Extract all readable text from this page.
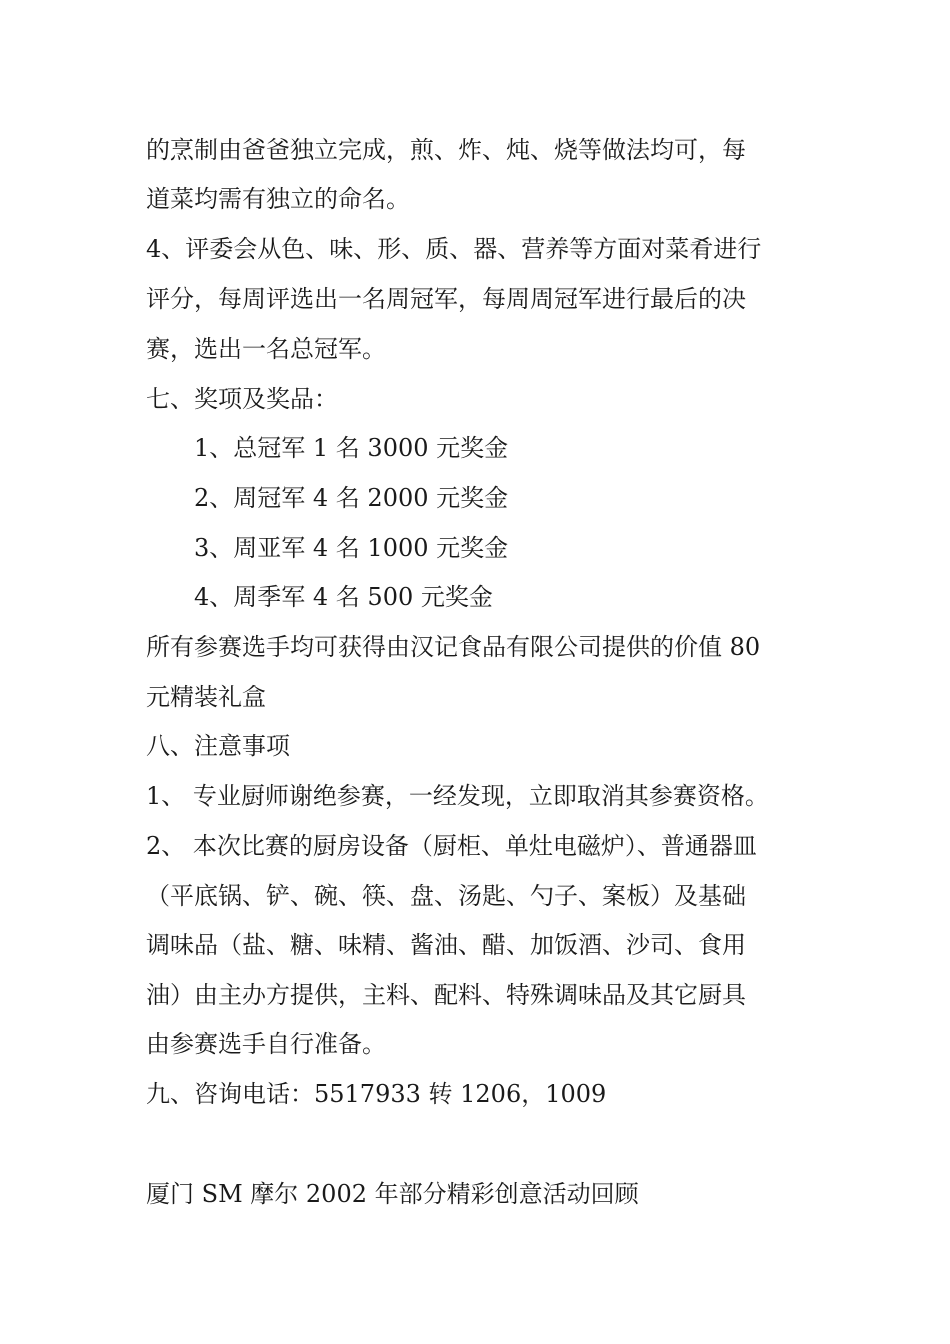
的烹制由爸爸独立完成，煎、炸、炖、烧等做法均可，每
道菜均需有独立的命名。
4、评委会从色、味、形、质、器、营养等方面对菜肴进行
评分，每周评选出一名周冠军，每周周冠军进行最后的决
赛，选出一名总冠军。
七、奖项及奖品：
1、总冠军 1 名 3000 元奖金
2、周冠军 4 名 2000 元奖金
3、周亚军 4 名 1000 元奖金
4、周季军 4 名 500 元奖金
所有参赛选手均可获得由汉记食品有限公司提供的价值 80
元精装礼盒
八、注意事项
1、 专业厨师谢绝参赛，一经发现，立即取消其参赛资格。
2、 本次比赛的厨房设备（厨柜、单灶电磁炉）、普通器皿
（平底锅、铲、碗、筷、盘、汤匙、勺子、案板）及基础
调味品（盐、糖、味精、酱油、醋、加饭酒、沙司、食用
油）由主办方提供，主料、配料、特殊调味品及其它厨具
由参赛选手自行准备。
九、咨询电话：5517933 转 1206，1009
厦门 SM 摩尔 2002 年部分精彩创意活动回顾
